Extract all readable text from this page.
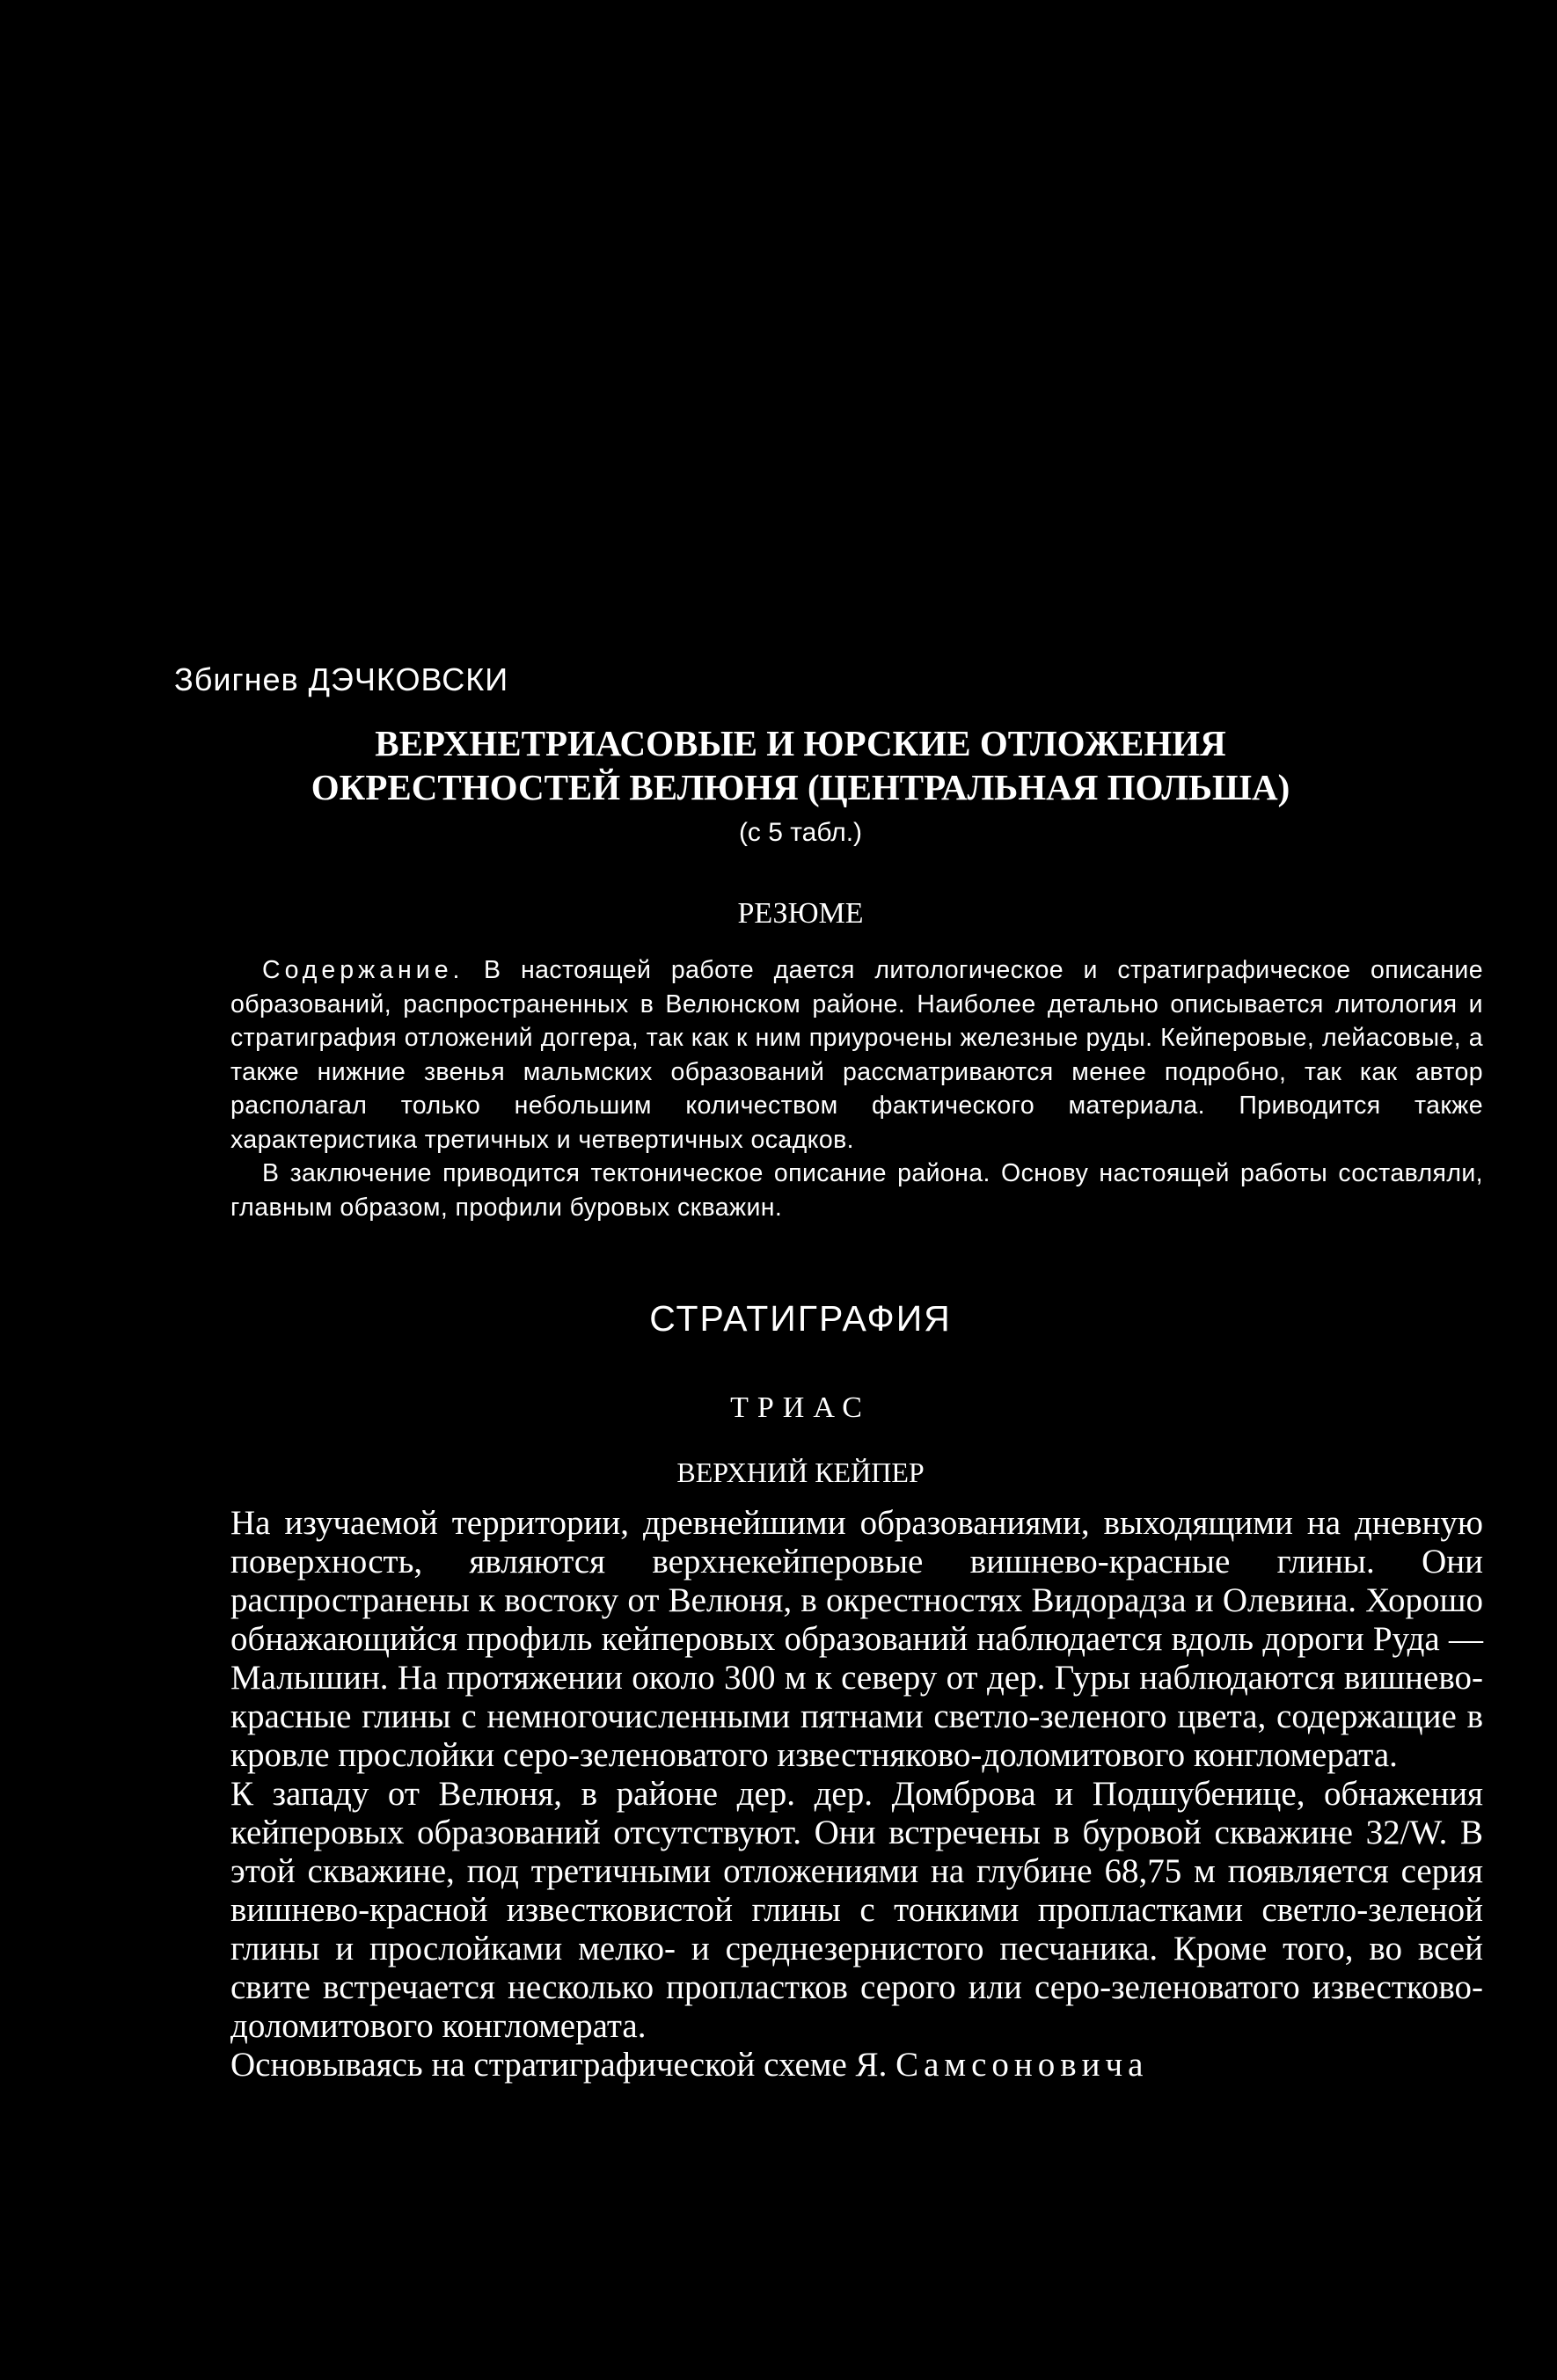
Збигнев ДЭЧКОВСКИ
ВЕРХНЕТРИАСОВЫЕ И ЮРСКИЕ ОТЛОЖЕНИЯ
ОКРЕСТНОСТЕЙ ВЕЛЮНЯ (ЦЕНТРАЛЬНАЯ ПОЛЬША)
(с 5 табл.)
РЕЗЮМЕ

Содержание. В настоящей работе дается литологическое и стратиграфическое описание образований, распространенных в Велюнском районе. Наиболее детально описывается литология и стратиграфия отложений доггера, так как к ним приурочены железные руды. Кейперовые, лейасовые, а также нижние звенья мальмских образований рассматриваются менее подробно, так как автор располагал только небольшим количеством фактического материала. Приводится также характеристика третичных и четвертичных осадков.

В заключение приводится тектоническое описание района. Основу настоящей работы составляли, главным образом, профили буровых скважин.

СТРАТИГРАФИЯ
ТРИАС
ВЕРХНИЙ КЕЙПЕР

На изучаемой территории, древнейшими образованиями, выходящими на дневную поверхность, являются верхнекейперовые вишнево-красные глины. Они распространены к востоку от Велюня, в окрестностях Видорадза и Олевина. Хорошо обнажающийся профиль кейперовых образований наблюдается вдоль дороги Руда — Малышин. На протяжении около 300 м к северу от дер. Гуры наблюдаются вишнево-красные глины с немногочисленными пятнами светло-зеленого цвета, содержащие в кровле прослойки серо-зеленоватого известняково-доломитового конгломерата.

К западу от Велюня, в районе дер. дер. Домброва и Подшубенице, обнажения кейперовых образований отсутствуют. Они встречены в буровой скважине 32/W. В этой скважине, под третичными отложениями на глубине 68,75 м появляется серия вишнево-красной известковистой глины с тонкими пропластками светло-зеленой глины и прослойками мелко- и среднезернистого песчаника. Кроме того, во всей свите встречается несколько пропластков серого или серо-зеленоватого известково-доломитового конгломерата.

Основываясь на стратиграфической схеме Я. Самсоновича
